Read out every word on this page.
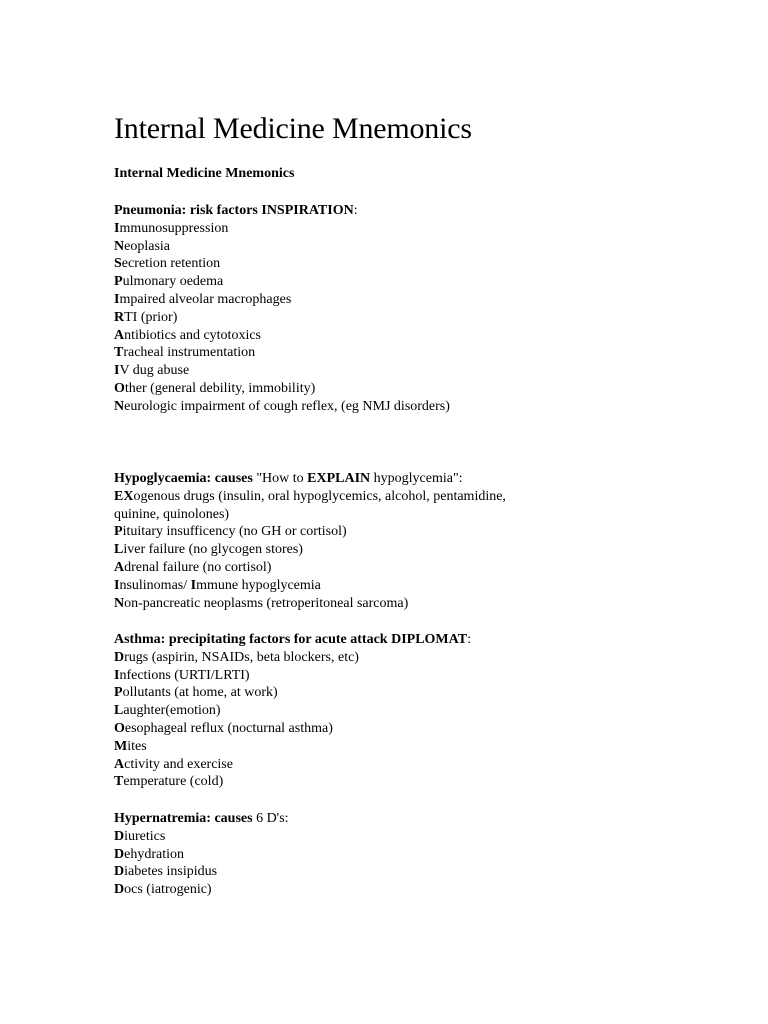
Internal Medicine Mnemonics
Internal Medicine Mnemonics
Pneumonia: risk factors INSPIRATION:
Immunosuppression
Neoplasia
Secretion retention
Pulmonary oedema
Impaired alveolar macrophages
RTI (prior)
Antibiotics and cytotoxics
Tracheal instrumentation
IV dug abuse
Other (general debility, immobility)
Neurologic impairment of cough reflex, (eg NMJ disorders)
Hypoglycaemia: causes "How to EXPLAIN hypoglycemia":
EXogenous drugs (insulin, oral hypoglycemics, alcohol, pentamidine, quinine, quinolones)
Pituitary insufficency (no GH or cortisol)
Liver failure (no glycogen stores)
Adrenal failure (no cortisol)
Insulinomas/ Immune hypoglycemia
Non-pancreatic neoplasms (retroperitoneal sarcoma)
Asthma: precipitating factors for acute attack DIPLOMAT:
Drugs (aspirin, NSAIDs, beta blockers, etc)
Infections (URTI/LRTI)
Pollutants (at home, at work)
Laughter(emotion)
Oesophageal reflux (nocturnal asthma)
Mites
Activity and exercise
Temperature (cold)
Hypernatremia: causes 6 D's:
Diuretics
Dehydration
Diabetes insipidus
Docs (iatrogenic)
